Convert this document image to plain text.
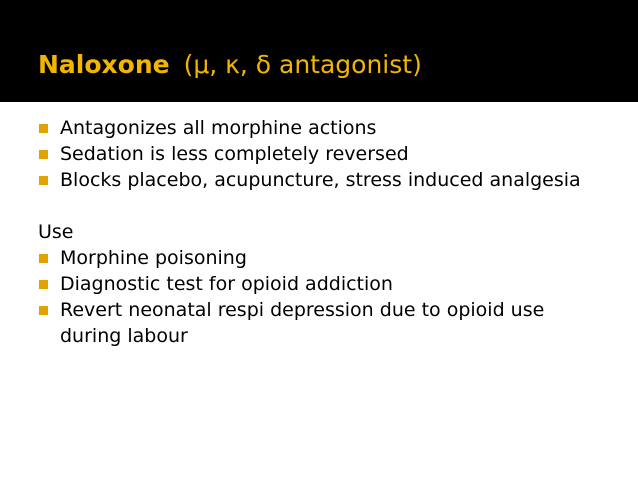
Naloxone (μ, κ, δ antagonist)
Antagonizes all morphine actions
Sedation is less completely reversed
Blocks placebo, acupuncture, stress induced analgesia
Use
Morphine poisoning
Diagnostic test for opioid addiction
Revert neonatal respi depression due to opioid use during labour
